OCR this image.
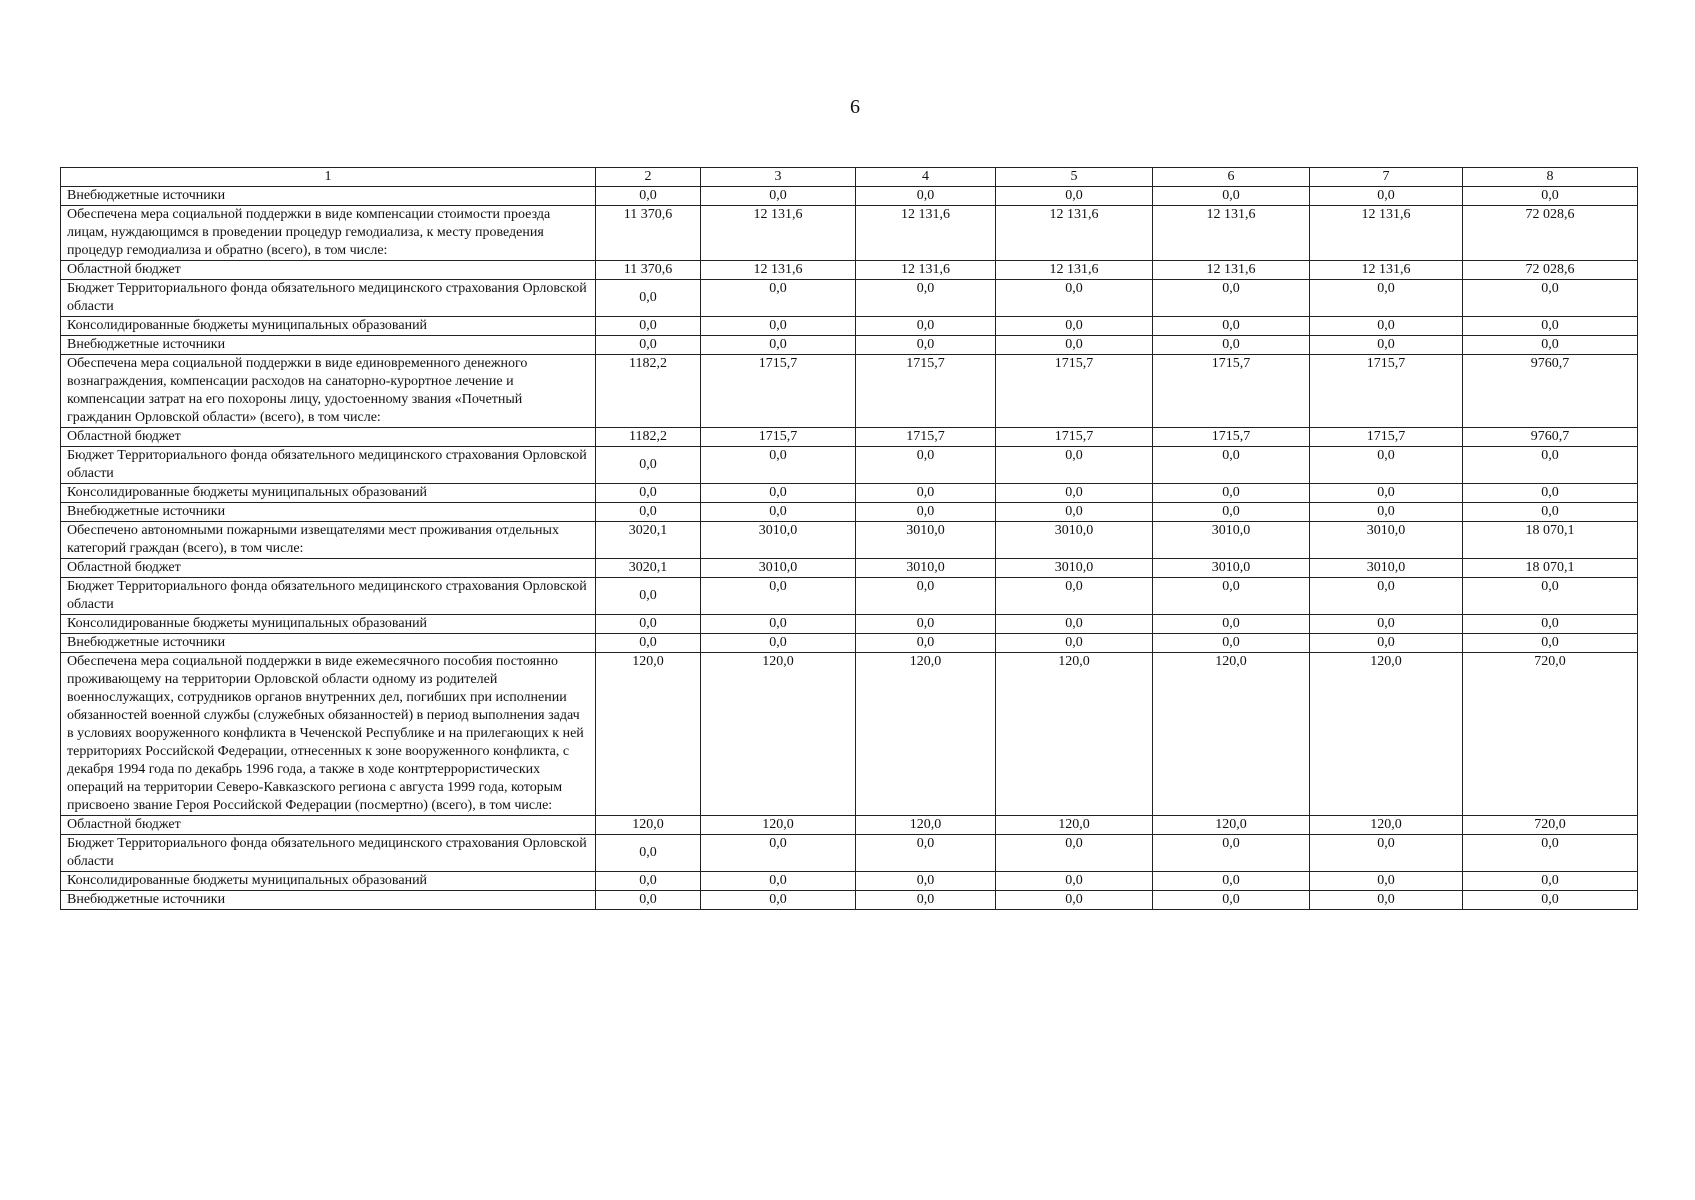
6
1	2	3	4	5	6	7	8
Внебюджетные источники	0,0	0,0	0,0	0,0	0,0	0,0	0,0
Обеспечена мера социальной поддержки в виде компенсации стоимости проезда лицам, нуждающимся в проведении процедур гемодиализа, к месту проведения процедур гемодиализа и обратно (всего), в том числе:	11 370,6	12 131,6	12 131,6	12 131,6	12 131,6	12 131,6	72 028,6
Областной бюджет	11 370,6	12 131,6	12 131,6	12 131,6	12 131,6	12 131,6	72 028,6
Бюджет Территориального фонда обязательного медицинского страхования Орловской области	0,0	0,0	0,0	0,0	0,0	0,0	0,0
Консолидированные бюджеты муниципальных образований	0,0	0,0	0,0	0,0	0,0	0,0	0,0
Внебюджетные источники	0,0	0,0	0,0	0,0	0,0	0,0	0,0
Обеспечена мера социальной поддержки в виде единовременного денежного вознаграждения, компенсации расходов на санаторно-курортное лечение и компенсации затрат на его похороны лицу, удостоенному звания «Почетный гражданин Орловской области» (всего), в том числе:	1182,2	1715,7	1715,7	1715,7	1715,7	1715,7	9760,7
Областной бюджет	1182,2	1715,7	1715,7	1715,7	1715,7	1715,7	9760,7
Бюджет Территориального фонда обязательного медицинского страхования Орловской области	0,0	0,0	0,0	0,0	0,0	0,0	0,0
Консолидированные бюджеты муниципальных образований	0,0	0,0	0,0	0,0	0,0	0,0	0,0
Внебюджетные источники	0,0	0,0	0,0	0,0	0,0	0,0	0,0
Обеспечено автономными пожарными извещателями мест проживания отдельных категорий граждан (всего), в том числе:	3020,1	3010,0	3010,0	3010,0	3010,0	3010,0	18 070,1
Областной бюджет	3020,1	3010,0	3010,0	3010,0	3010,0	3010,0	18 070,1
Бюджет Территориального фонда обязательного медицинского страхования Орловской области	0,0	0,0	0,0	0,0	0,0	0,0	0,0
Консолидированные бюджеты муниципальных образований	0,0	0,0	0,0	0,0	0,0	0,0	0,0
Внебюджетные источники	0,0	0,0	0,0	0,0	0,0	0,0	0,0
Обеспечена мера социальной поддержки в виде ежемесячного пособия постоянно проживающему на территории Орловской области одному из родителей военнослужащих, сотрудников органов внутренних дел, погибших при исполнении обязанностей военной службы (служебных обязанностей) в период выполнения задач в условиях вооруженного конфликта в Чеченской Республике и на прилегающих к ней территориях Российской Федерации, отнесенных к зоне вооруженного конфликта, с декабря 1994 года по декабрь 1996 года, а также в ходе контртеррористических операций на территории Северо-Кавказского региона с августа 1999 года, которым присвоено звание Героя Российской Федерации (посмертно) (всего), в том числе:	120,0	120,0	120,0	120,0	120,0	120,0	720,0
Областной бюджет	120,0	120,0	120,0	120,0	120,0	120,0	720,0
Бюджет Территориального фонда обязательного медицинского страхования Орловской области	0,0	0,0	0,0	0,0	0,0	0,0	0,0
Консолидированные бюджеты муниципальных образований	0,0	0,0	0,0	0,0	0,0	0,0	0,0
Внебюджетные источники	0,0	0,0	0,0	0,0	0,0	0,0	0,0
